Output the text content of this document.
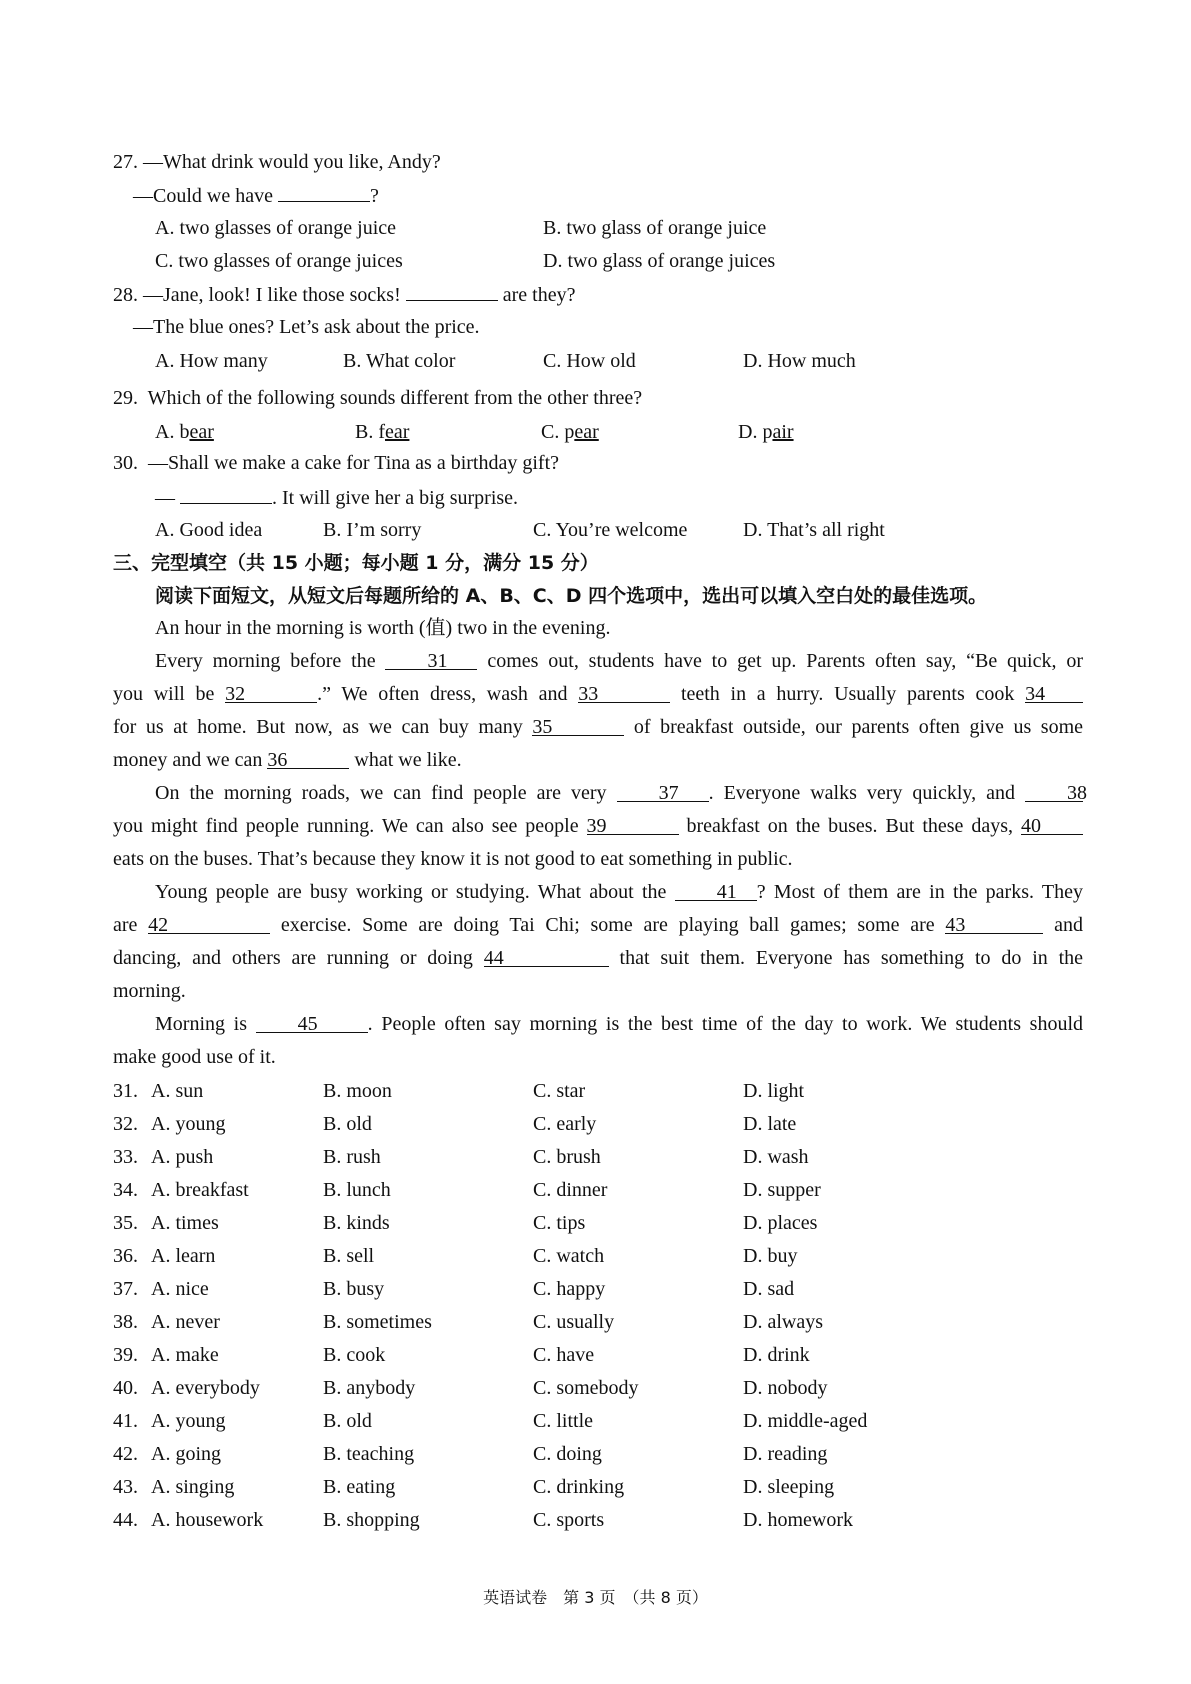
27. —What drink would you like, Andy?
—Could we have	?
A. two glasses of orange juice	B. two glass of orange juice
C. two glasses of orange juices	D. two glass of orange juices
28. —Jane, look! I like those socks!	are they?
—The blue ones? Let’s ask about the price.
A. How many	B. What color	C. How old	D. How much
29. Which of the following sounds different from the other three?
A. bear	B. fear	C. pear	D. pair
30. —Shall we make a cake for Tina as a birthday gift?
—	. It will give her a big surprise.
A. Good idea	B. I’m sorry	C. You’re welcome	D. That’s all right
三、完型填空（共 15 小题；每小题 1 分，满分 15 分）
阅读下面短文，从短文后每题所给的 A、B、C、D 四个选项中，选出可以填入空白处的最佳选项。
An hour in the morning is worth (值) two in the evening.
Every morning before the	31 comes out, students have to get up. Parents often say, “Be quick, or
you will be 32	.” We often dress, wash and 33	teeth in a hurry. Usually parents cook 34
for us at home. But now, as we can buy many 35	of breakfast outside, our parents often give us some
money and we can 36	what we like.
On the morning roads, we can find people are very	37 . Everyone walks very quickly, and	38
you might find people running. We can also see people 39	breakfast on the buses. But these days, 40
eats on the buses. That’s because they know it is not good to eat something in public.
Young people are busy working or studying. What about the	41 ? Most of them are in the parks. They
are 42	exercise. Some are doing Tai Chi; some are playing ball games; some are 43	and
dancing, and others are running or doing 44	that suit them. Everyone has something to do in the
morning.
Morning is	45	. People often say morning is the best time of the day to work. We students should
make good use of it.
31. A. sun	B. moon	C. star	D. light
32. A. young	B. old	C. early	D. late
33. A. push	B. rush	C. brush	D. wash
34. A. breakfast	B. lunch	C. dinner	D. supper
35. A. times	B. kinds	C. tips	D. places
36. A. learn	B. sell	C. watch	D. buy
37. A. nice	B. busy	C. happy	D. sad
38. A. never	B. sometimes	C. usually	D. always
39. A. make	B. cook	C. have	D. drink
40. A. everybody	B. anybody	C. somebody	D. nobody
41. A. young	B. old	C. little	D. middle-aged
42. A. going	B. teaching	C. doing	D. reading
43. A. singing	B. eating	C. drinking	D. sleeping
44. A. housework	B. shopping	C. sports	D. homework
英语试卷　第 3 页　（共 8 页）
